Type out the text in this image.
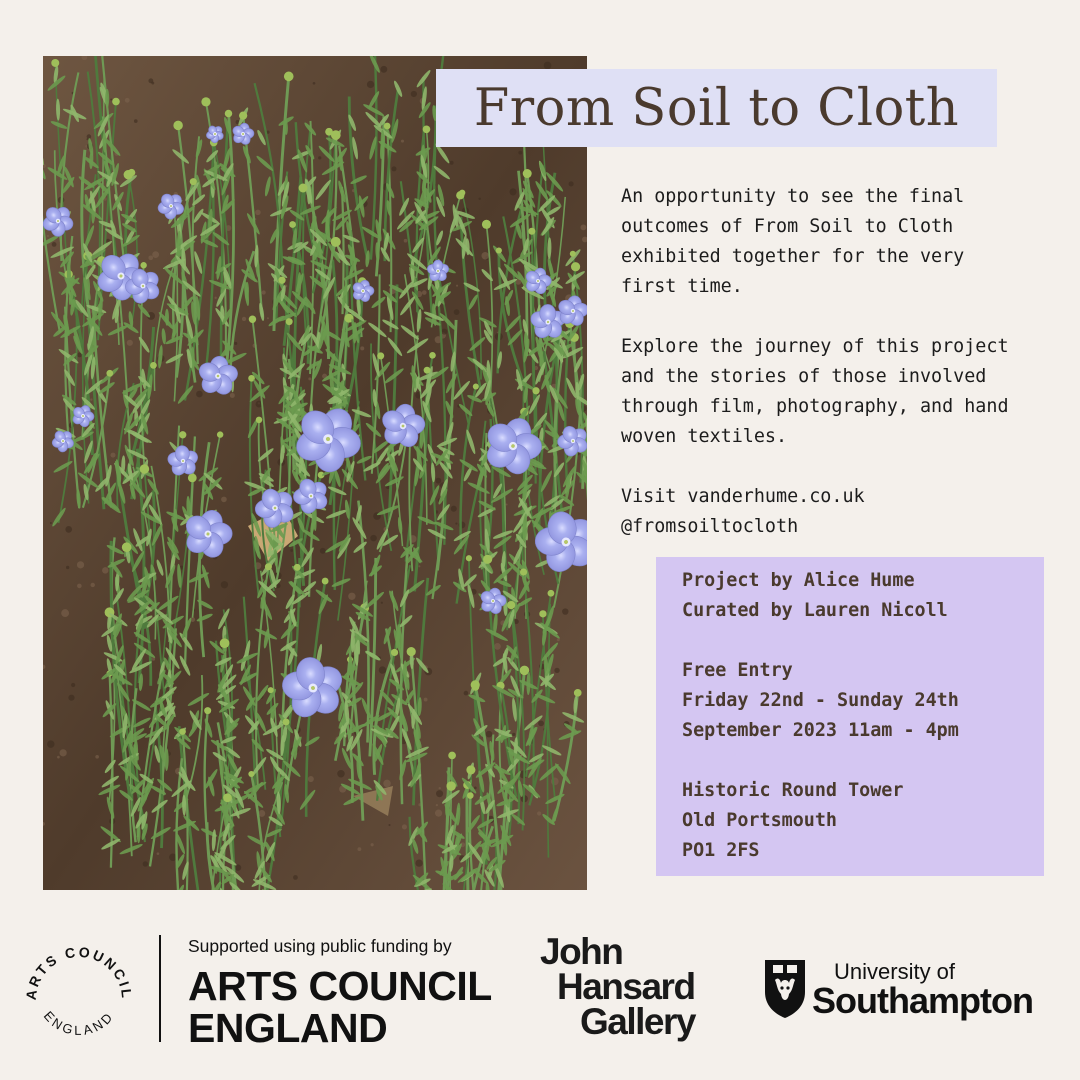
From Soil to Cloth

An opportunity to see the final

outcomes of From Soil to Cloth

exhibited together for the very

first time.

Explore the journey of this project

and the stories of those involved

through film, photography, and hand

woven textiles.

Visit vanderhume.co.uk

@fromsoiltocloth

Project by Alice Hume

Curated by Lauren Nicoll

Free Entry

Friday 22nd - Sunday 24th

September 2023 11am - 4pm

Historic Round Tower

Old Portsmouth

PO1 2FS

ARTS COUNCIL
ENGLAND
Supported using public funding by
ARTS COUNCIL
ENGLAND
John
Hansard
Gallery
University of
Southampton
